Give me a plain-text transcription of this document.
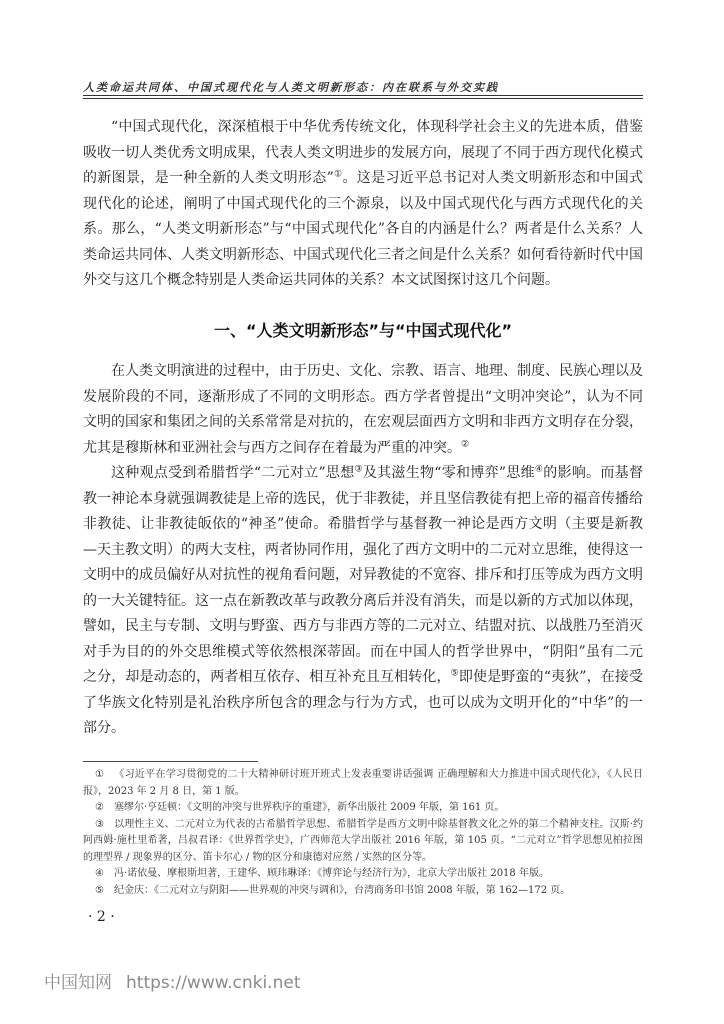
人类命运共同体、中国式现代化与人类文明新形态：内在联系与外交实践

“中国式现代化，深深植根于中华优秀传统文化，体现科学社会主义的先进本质，借鉴吸收一切人类优秀文明成果，代表人类文明进步的发展方向，展现了不同于西方现代化模式的新图景，是一种全新的人类文明形态”①。这是习近平总书记对人类文明新形态和中国式现代化的论述，阐明了中国式现代化的三个源泉，以及中国式现代化与西方式现代化的关系。那么，“人类文明新形态”与“中国式现代化”各自的内涵是什么？两者是什么关系？人类命运共同体、人类文明新形态、中国式现代化三者之间是什么关系？如何看待新时代中国外交与这几个概念特别是人类命运共同体的关系？本文试图探讨这几个问题。

一、“人类文明新形态”与“中国式现代化”

在人类文明演进的过程中，由于历史、文化、宗教、语言、地理、制度、民族心理以及发展阶段的不同，逐渐形成了不同的文明形态。西方学者曾提出“文明冲突论”，认为不同文明的国家和集团之间的关系常常是对抗的，在宏观层面西方文明和非西方文明存在分裂，尤其是穆斯林和亚洲社会与西方之间存在着最为严重的冲突。②

这种观点受到希腊哲学“二元对立”思想③及其滋生物“零和博弈”思维④的影响。而基督教一神论本身就强调教徒是上帝的选民，优于非教徒，并且坚信教徒有把上帝的福音传播给非教徒、让非教徒皈依的“神圣”使命。希腊哲学与基督教一神论是西方文明（主要是新教—天主教文明）的两大支柱，两者协同作用，强化了西方文明中的二元对立思维，使得这一文明中的成员偏好从对抗性的视角看问题，对异教徒的不宽容、排斥和打压等成为西方文明的一大关键特征。这一点在新教改革与政教分离后并没有消失，而是以新的方式加以体现，譬如，民主与专制、文明与野蛮、西方与非西方等的二元对立、结盟对抗、以战胜乃至消灭对手为目的的外交思维模式等依然根深蒂固。而在中国人的哲学世界中，“阴阳”虽有二元之分，却是动态的，两者相互依存、相互补充且互相转化，⑤即使是野蛮的“夷狄”，在接受了华族文化特别是礼治秩序所包含的理念与行为方式，也可以成为文明开化的“中华”的一部分。

① 《习近平在学习贯彻党的二十大精神研讨班开班式上发表重要讲话强调 正确理解和大力推进中国式现代化》，《人民日报》，2023 年 2 月 8 日，第 1 版。

② 塞缪尔·亨廷顿：《文明的冲突与世界秩序的重建》，新华出版社 2009 年版，第 161 页。

③ 以理性主义、二元对立为代表的古希腊哲学思想、希腊哲学是西方文明中除基督教文化之外的第二个精神支柱。汉斯·约阿西姆·施杜里希著，吕叔君译：《世界哲学史》，广西师范大学出版社 2016 年版，第 105 页。“二元对立”哲学思想见柏拉图的理型界 / 现象界的区分、笛卡尔心 / 物的区分和康德对应然 / 实然的区分等。

④ 冯·诺依曼、摩根斯坦著，王建华、顾玮琳译：《博弈论与经济行为》，北京大学出版社 2018 年版。

⑤ 纪金庆：《二元对立与阴阳——世界观的冲突与调和》，台湾商务印书馆 2008 年版，第 162—172 页。

· 2 ·
中国知网 https://www.cnki.net
